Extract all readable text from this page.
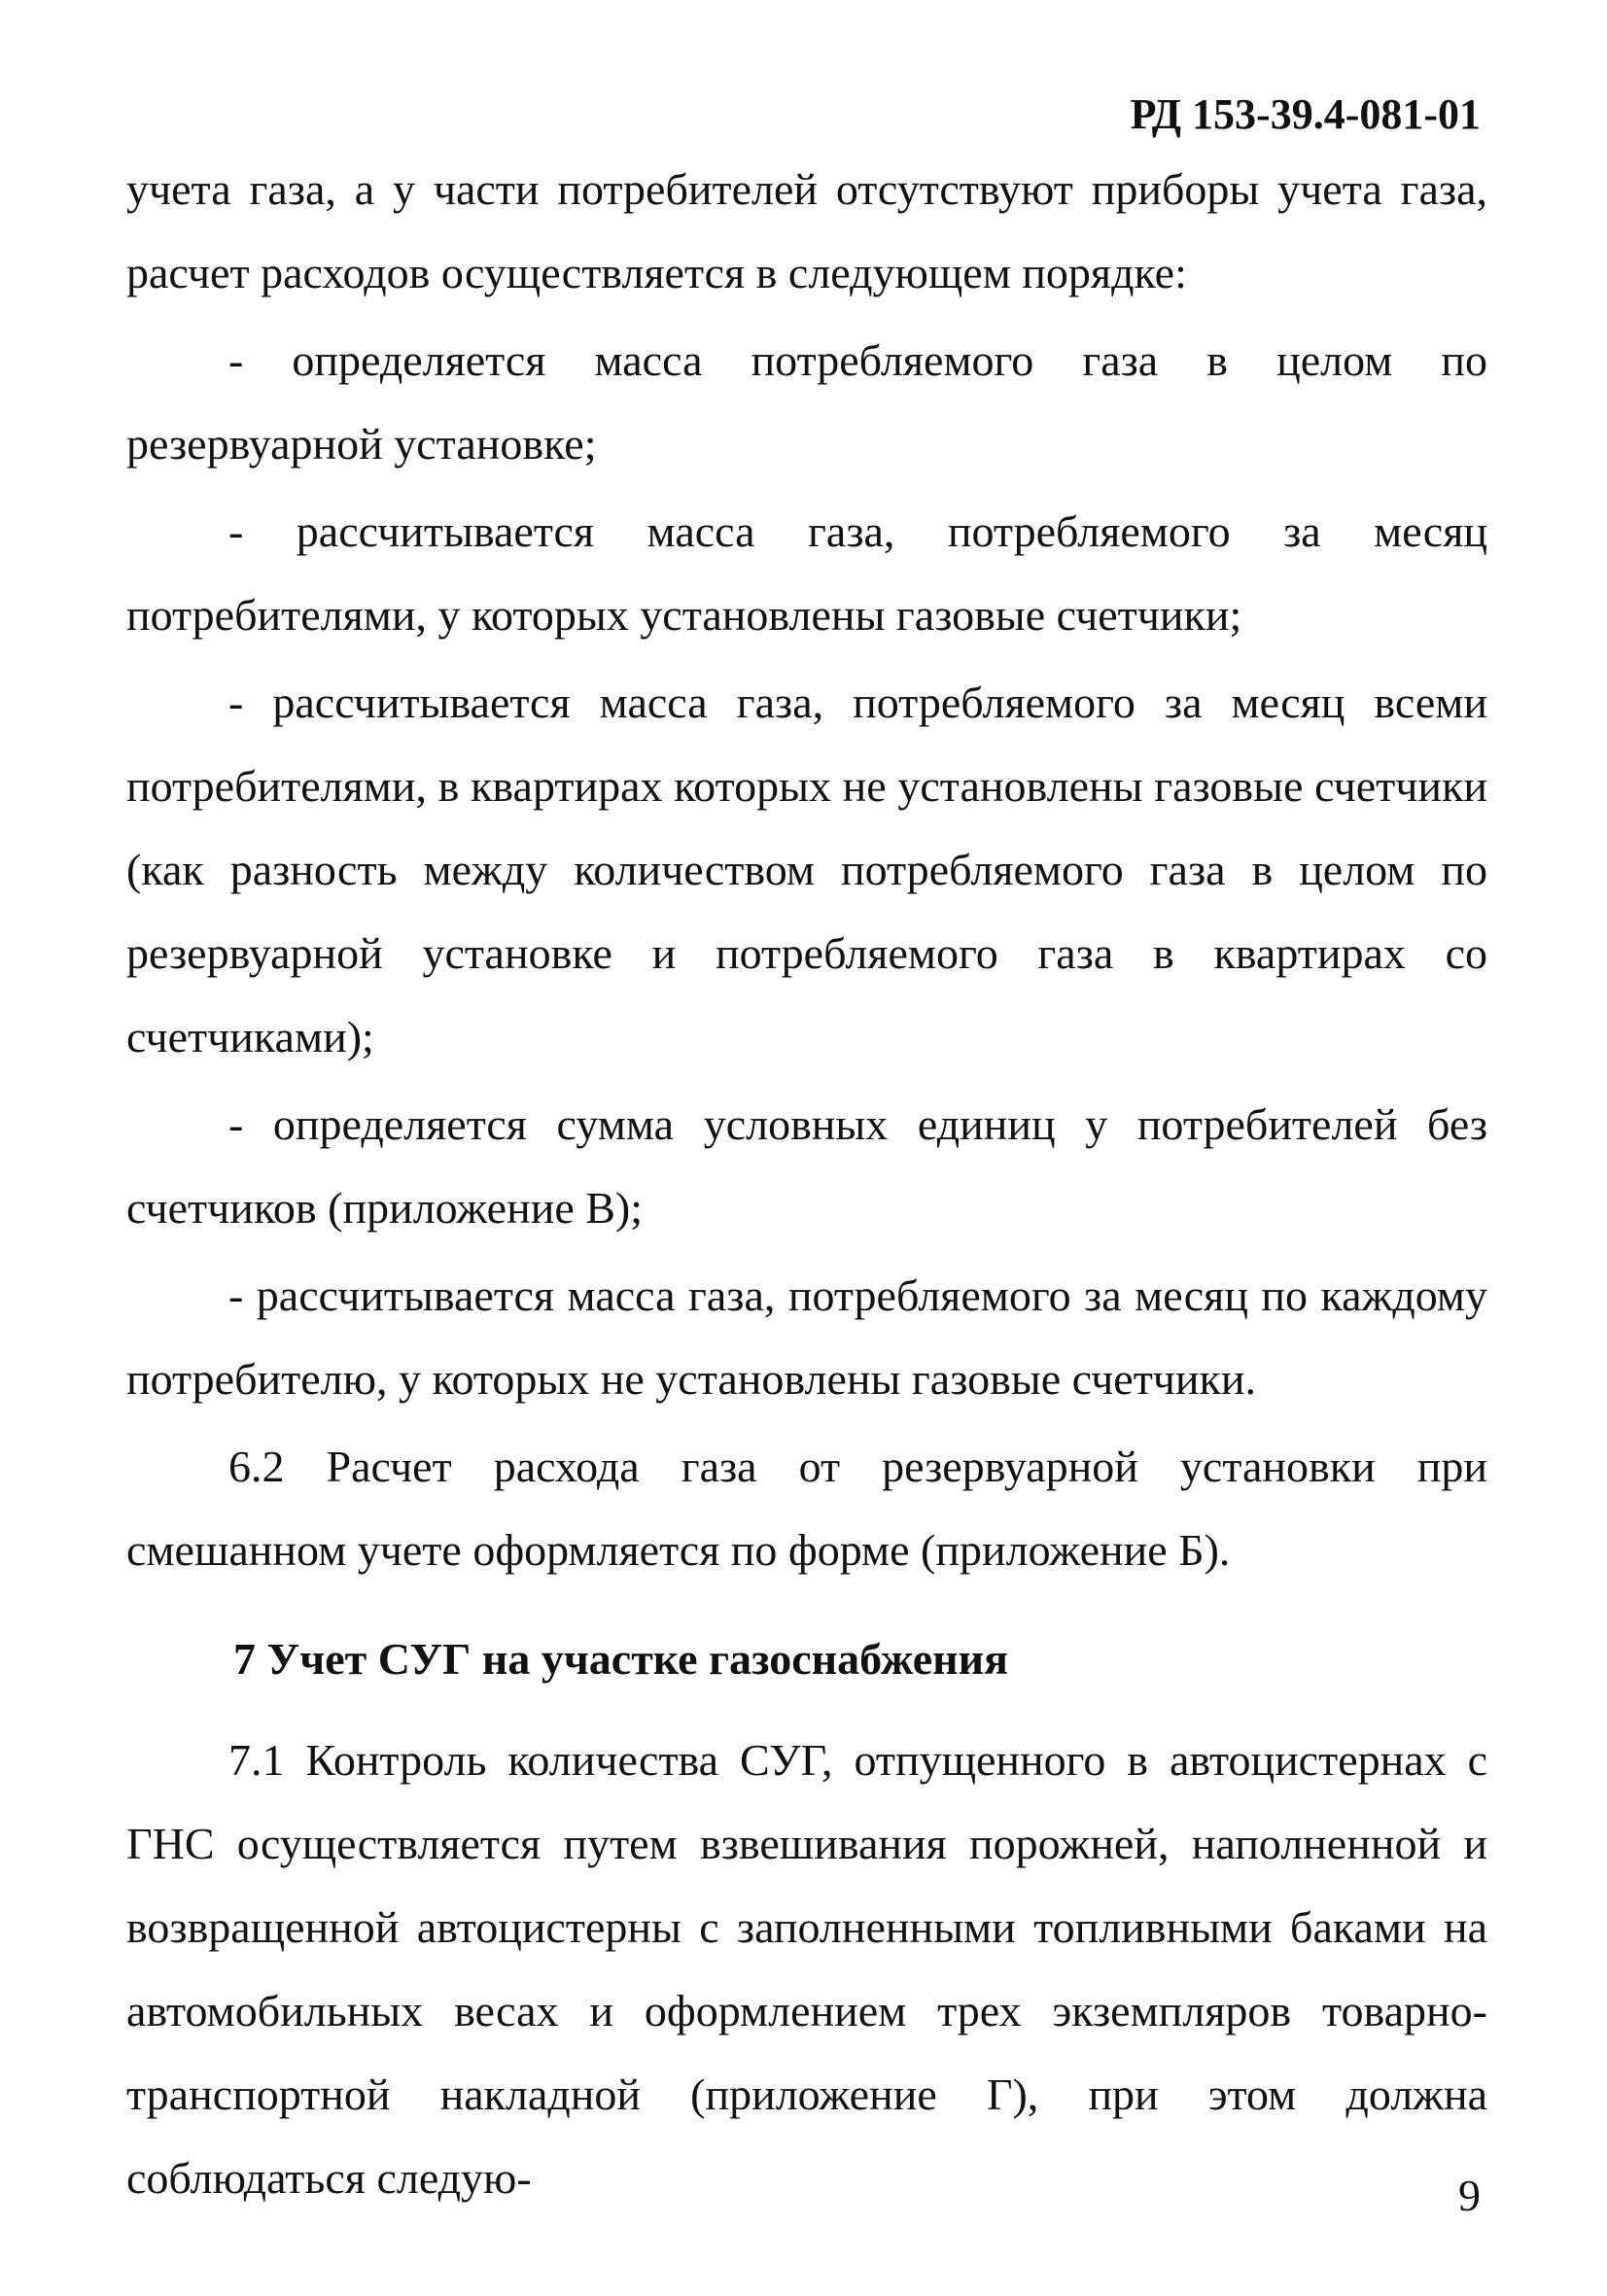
РД 153-39.4-081-01

учета газа, а у части потребителей отсутствуют приборы учета газа, расчет расходов осуществляется в следующем порядке:

- определяется масса потребляемого газа в целом по резервуарной установке;

- рассчитывается масса газа, потребляемого за месяц потребителями, у которых установлены газовые счетчики;

- рассчитывается масса газа, потребляемого за месяц всеми потребителями, в квартирах которых не установлены газовые счетчики (как разность между количеством потребляемого газа в целом по резервуарной установке и потребляемого газа в квартирах со счетчиками);

- определяется сумма условных единиц у потребителей без счетчиков (приложение В);

- рассчитывается масса газа, потребляемого за месяц по каждому потребителю, у которых не установлены газовые счетчики.

6.2 Расчет расхода газа от резервуарной установки при смешанном учете оформляется по форме (приложение Б).

7 Учет СУГ на участке газоснабжения

7.1 Контроль количества СУГ, отпущенного в автоцистернах с ГНС осуществляется путем взвешивания порожней, наполненной и возвращенной автоцистерны с заполненными топливными баками на автомобильных весах и оформлением трех экземпляров товарно-транспортной накладной (приложение Г), при этом должна соблюдаться следую-	9
